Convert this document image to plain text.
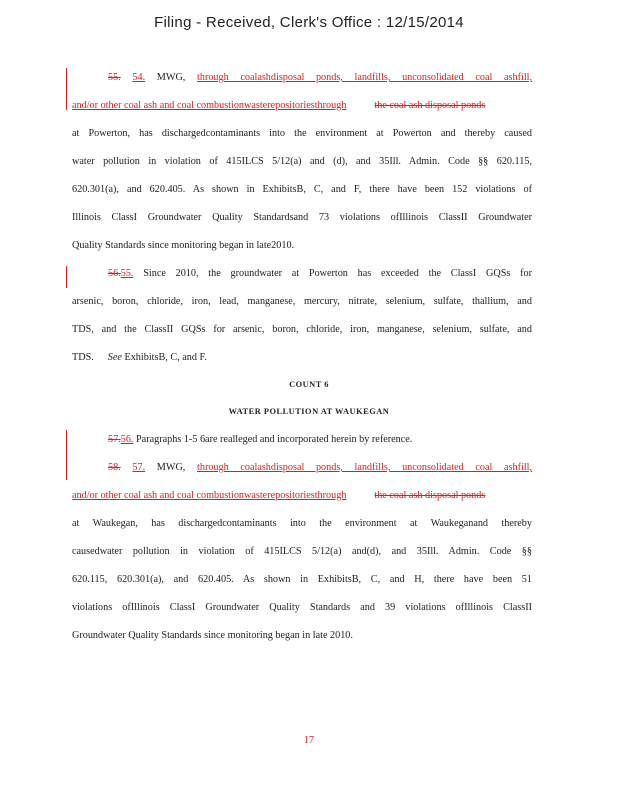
Filing - Received, Clerk's Office : 12/15/2014
55. 54. MWG, through coalashdisposal ponds, landfills, unconsolidated coal ashfill,
and/or other coal ash and coal combustionwasterepositoriesthrough	the coal ash disposal ponds
at Powerton, has dischargedcontaminants into the environment at Powerton and thereby caused
water pollution in violation of 415ILCS 5/12(a) and (d), and 35Ill. Admin. Code §§ 620.115,
620.301(a), and 620.405. As shown in ExhibitsB, C, and F, there have been 152 violations of
Illinois ClassI Groundwater Quality Standardsand 73 violations ofIllinois ClassII Groundwater
Quality Standards since monitoring began in late2010.
56.55. Since 2010, the groundwater at Powerton has exceeded the ClassI GQSs for
arsenic, boron, chloride, iron, lead, manganese, mercury, nitrate, selenium, sulfate, thallium, and
TDS, and the ClassII GQSs for arsenic, boron, chloride, iron, manganese, selenium, sulfate, and
TDS. See ExhibitsB, C, and F.
COUNT 6
WATER POLLUTION AT WAUKEGAN
57.56. Paragraphs 1-5 6are realleged and incorporated herein by reference.
58. 57. MWG, through coalashdisposal ponds, landfills, unconsolidated coal ashfill,
and/or other coal ash and coal combustionwasterepositoriesthrough	the coal ash disposal ponds
at Waukegan, has dischargedcontaminants into the environment at Waukeganand thereby
causedwater pollution in violation of 415ILCS 5/12(a) and(d), and 35Ill. Admin. Code §§
620.115, 620.301(a), and 620.405. As shown in ExhibitsB, C, and H, there have been 51
violations ofIllinois ClassI Groundwater Quality Standards and 39 violations ofIllinois ClassII
Groundwater Quality Standards since monitoring began in late 2010.
17
